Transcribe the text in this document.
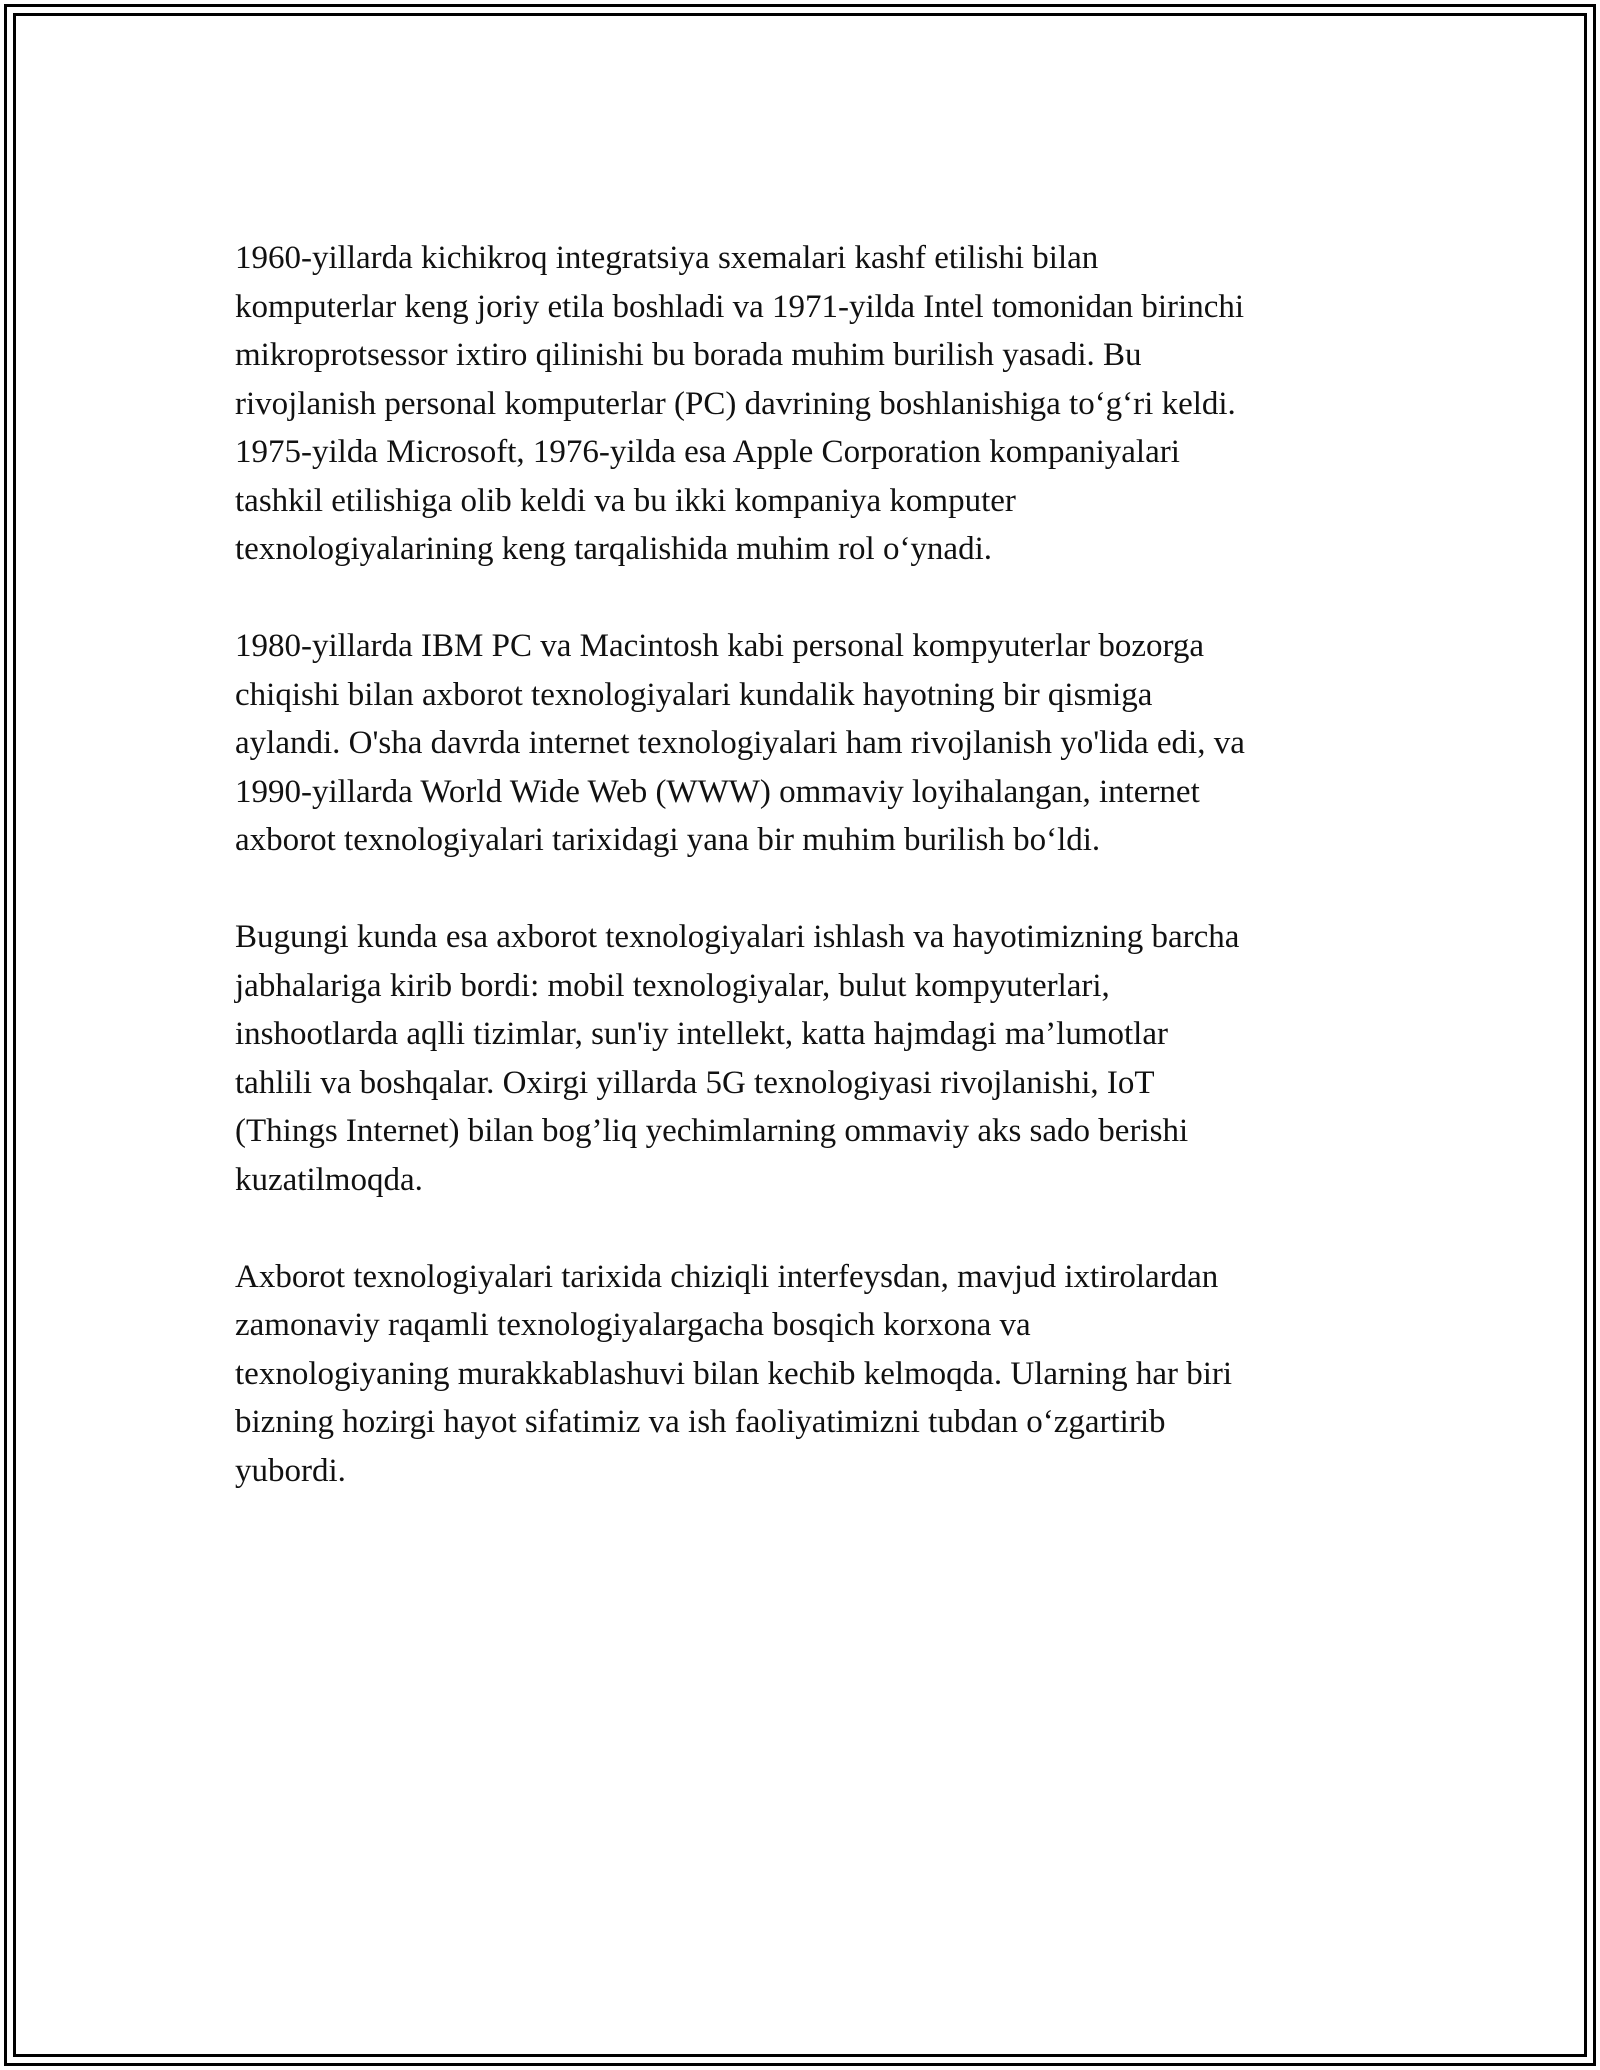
1960-yillarda kichikroq integratsiya sxemalari kashf etilishi bilan
komputerlar keng joriy etila boshladi va 1971-yilda Intel tomonidan birinchi
mikroprotsessor ixtiro qilinishi bu borada muhim burilish yasadi. Bu
rivojlanish personal komputerlar (PC) davrining boshlanishiga to‘g‘ri keldi.
1975-yilda Microsoft, 1976-yilda esa Apple Corporation kompaniyalari
tashkil etilishiga olib keldi va bu ikki kompaniya komputer
texnologiyalarining keng tarqalishida muhim rol o‘ynadi.

1980-yillarda IBM PC va Macintosh kabi personal kompyuterlar bozorga
chiqishi bilan axborot texnologiyalari kundalik hayotning bir qismiga
aylandi. O'sha davrda internet texnologiyalari ham rivojlanish yo'lida edi, va
1990-yillarda World Wide Web (WWW) ommaviy loyihalangan, internet
axborot texnologiyalari tarixidagi yana bir muhim burilish bo‘ldi.

Bugungi kunda esa axborot texnologiyalari ishlash va hayotimizning barcha
jabhalariga kirib bordi: mobil texnologiyalar, bulut kompyuterlari,
inshootlarda aqlli tizimlar, sun'iy intellekt, katta hajmdagi ma’lumotlar
tahlili va boshqalar. Oxirgi yillarda 5G texnologiyasi rivojlanishi, IoT
(Things Internet) bilan bog’liq yechimlarning ommaviy aks sado berishi
kuzatilmoqda.

Axborot texnologiyalari tarixida chiziqli interfeysdan, mavjud ixtirolardan
zamonaviy raqamli texnologiyalargacha bosqich korxona va
texnologiyaning murakkablashuvi bilan kechib kelmoqda. Ularning har biri
bizning hozirgi hayot sifatimiz va ish faoliyatimizni tubdan o‘zgartirib
yubordi.
